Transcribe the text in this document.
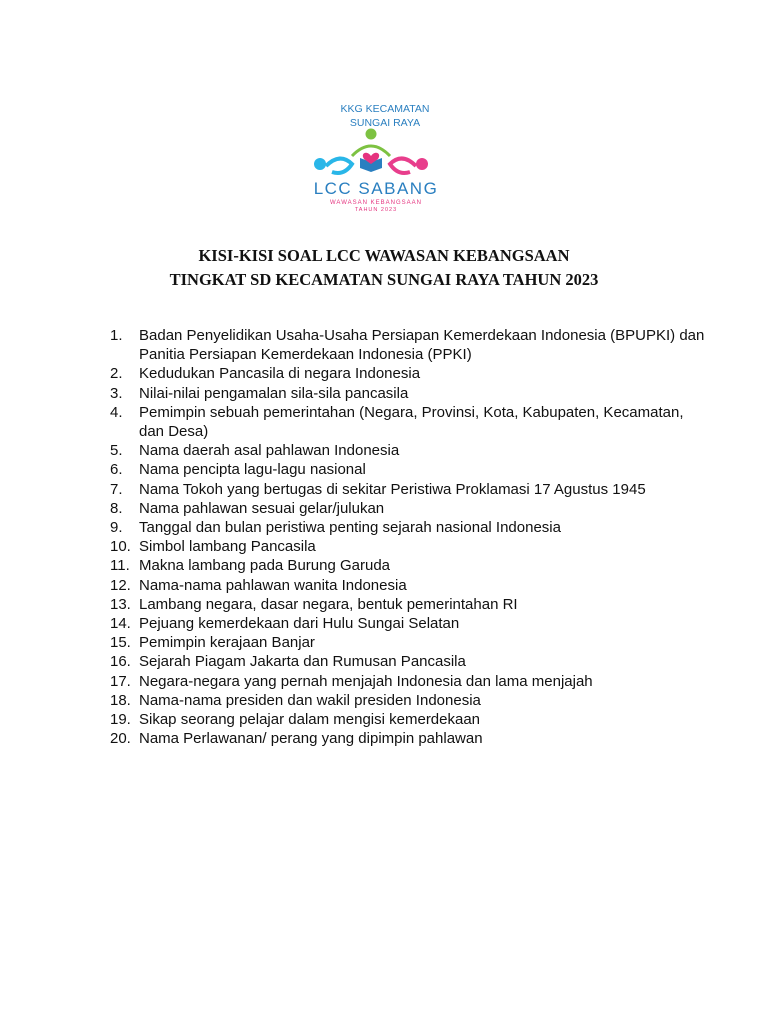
KKG KECAMATAN
SUNGAI RAYA
LCC SABANG
WAWASAN KEBANGSAAN
TAHUN 2023
KISI-KISI SOAL LCC WAWASAN KEBANGSAAN
TINGKAT SD KECAMATAN SUNGAI RAYA TAHUN 2023
1.	Badan Penyelidikan Usaha-Usaha Persiapan Kemerdekaan Indonesia (BPUPKI) dan Panitia Persiapan Kemerdekaan Indonesia (PPKI)
2.	Kedudukan Pancasila di negara Indonesia
3.	Nilai-nilai pengamalan sila-sila pancasila
4.	Pemimpin sebuah pemerintahan (Negara, Provinsi, Kota, Kabupaten, Kecamatan, dan Desa)
5.	Nama daerah asal pahlawan Indonesia
6.	Nama pencipta lagu-lagu nasional
7.	Nama Tokoh yang bertugas di sekitar Peristiwa Proklamasi 17 Agustus 1945
8.	Nama pahlawan sesuai gelar/julukan
9.	Tanggal dan bulan peristiwa penting sejarah nasional Indonesia
10. Simbol lambang Pancasila
11. Makna lambang pada Burung Garuda
12. Nama-nama pahlawan wanita Indonesia
13. Lambang negara, dasar negara, bentuk pemerintahan RI
14. Pejuang kemerdekaan dari Hulu Sungai Selatan
15. Pemimpin kerajaan Banjar
16. Sejarah Piagam Jakarta dan Rumusan Pancasila
17. Negara-negara yang pernah menjajah Indonesia dan lama menjajah
18. Nama-nama presiden dan wakil presiden Indonesia
19. Sikap seorang pelajar dalam mengisi kemerdekaan
20. Nama Perlawanan/ perang yang dipimpin pahlawan
